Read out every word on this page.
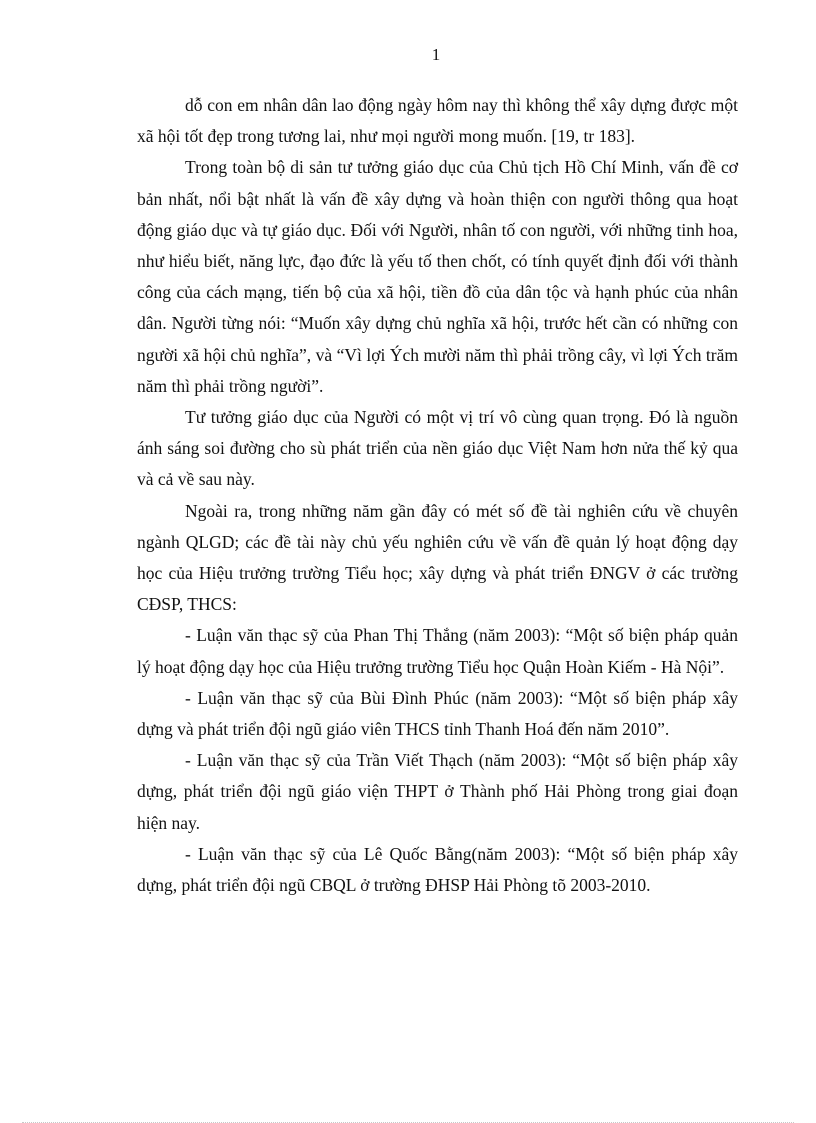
1

dỗ con em nhân dân lao động ngày hôm nay thì không thể xây dựng được một xã hội tốt đẹp trong tương lai, như mọi người mong muốn. [19, tr 183].

Trong toàn bộ di sản tư tưởng giáo dục của Chủ tịch Hồ Chí Minh, vấn đề cơ bản nhất, nổi bật nhất là vấn đề xây dựng và hoàn thiện con người thông qua hoạt động giáo dục và tự giáo dục. Đối với Người, nhân tố con người, với những tinh hoa, như hiểu biết, năng lực, đạo đức là yếu tố then chốt, có tính quyết định đối với thành công của cách mạng, tiến bộ của xã hội, tiền đồ của dân tộc và hạnh phúc của nhân dân. Người từng nói: “Muốn xây dựng chủ nghĩa xã hội, trước hết cần có những con người xã hội chủ nghĩa”, và “Vì lợi Ých mười năm thì phải trồng cây, vì lợi Ých trăm năm thì phải trồng người”.

Tư tưởng giáo dục của Người có một vị trí vô cùng quan trọng. Đó là nguồn ánh sáng soi đường cho sù phát triển của nền giáo dục Việt Nam hơn nửa thế kỷ qua và cả về sau này.

Ngoài ra, trong những năm gần đây có mét số đề tài nghiên cứu về chuyên ngành QLGD; các đề tài này chủ yếu nghiên cứu về vấn đề quản lý hoạt động dạy học của Hiệu trưởng trường Tiểu học; xây dựng và phát triển ĐNGV ở các trường CĐSP, THCS:

- Luận văn thạc sỹ của Phan Thị Thắng (năm 2003): “Một số biện pháp quản lý hoạt động dạy học của Hiệu trưởng trường Tiểu học Quận Hoàn Kiếm - Hà Nội”.

- Luận văn thạc sỹ của Bùi Đình Phúc (năm 2003): “Một số biện pháp xây dựng và phát triển đội ngũ giáo viên THCS tỉnh Thanh Hoá đến năm 2010”.

- Luận văn thạc sỹ của Trần Viết Thạch (năm 2003): “Một số biện pháp xây dựng, phát triển đội ngũ giáo viện THPT ở Thành phố Hải Phòng trong giai đoạn hiện nay.

- Luận văn thạc sỹ của Lê Quốc Bằng(năm 2003): “Một số biện pháp xây dựng, phát triển đội ngũ CBQL ở trường ĐHSP Hải Phòng tõ 2003-2010.
